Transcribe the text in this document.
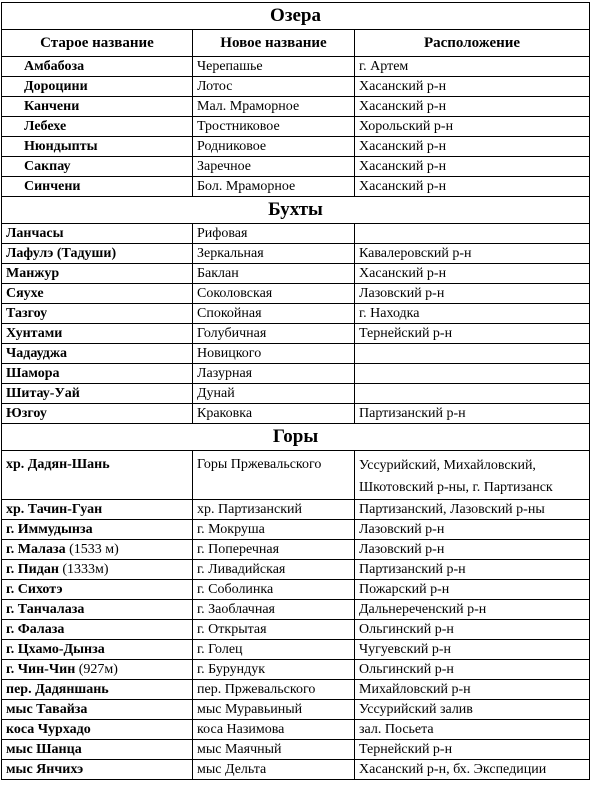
Озера		
Старое название	Новое название	Расположение
Амбабоза	Черепашье	г. Артем
Дороцини	Лотос	Хасанский р-н
Канчени	Мал. Мраморное	Хасанский р-н
Лебехе	Тростниковое	Хорольский р-н
Нюндыпты	Родниковое	Хасанский р-н
Сакпау	Заречное	Хасанский р-н
Синчени	Бол. Мраморное	Хасанский р-н
Бухты		
Ланчасы	Рифовая	
Лафулэ (Тадуши)	Зеркальная	Кавалеровский р-н
Манжур	Баклан	Хасанский р-н
Сяухе	Соколовская	Лазовский р-н
Тазгоу	Спокойная	г. Находка
Хунтами	Голубичная	Тернейский р-н
Чадауджа	Новицкого	
Шамора	Лазурная	
Шитау-Уай	Дунай	
Юзгоу	Краковка	Партизанский р-н
Горы		
хр. Дадян-Шань	Горы Пржевальского	Уссурийский, Михайловский,
Шкотовский р-ны, г. Партизанск

хр. Тачин-Гуан	хр. Партизанский	Партизанский, Лазовский р-ны
г. Иммудынза	г. Мокруша	Лазовский р-н
г. Малаза (1533 м)	г. Поперечная	Лазовский р-н
г. Пидан (1333м)	г. Ливадийская	Партизанский р-н
г. Сихотэ	г. Соболинка	Пожарский р-н
г. Танчалаза	г. Заоблачная	Дальнереченский р-н
г. Фалаза	г. Открытая	Ольгинский р-н
г. Цхамо-Дынза	г. Голец	Чугуевский р-н
г. Чин-Чин (927м)	г. Бурундук	Ольгинский р-н
пер. Дадяншань	пер. Пржевальского	Михайловский р-н
мыс Тавайза	мыс Муравьиный	Уссурийский залив
коса Чурхадо	коса Назимова	зал. Посьета
мыс Шанца	мыс Маячный	Тернейский р-н
мыс Янчихэ	мыс Дельта	Хасанский р-н, бх. Экспедиции
